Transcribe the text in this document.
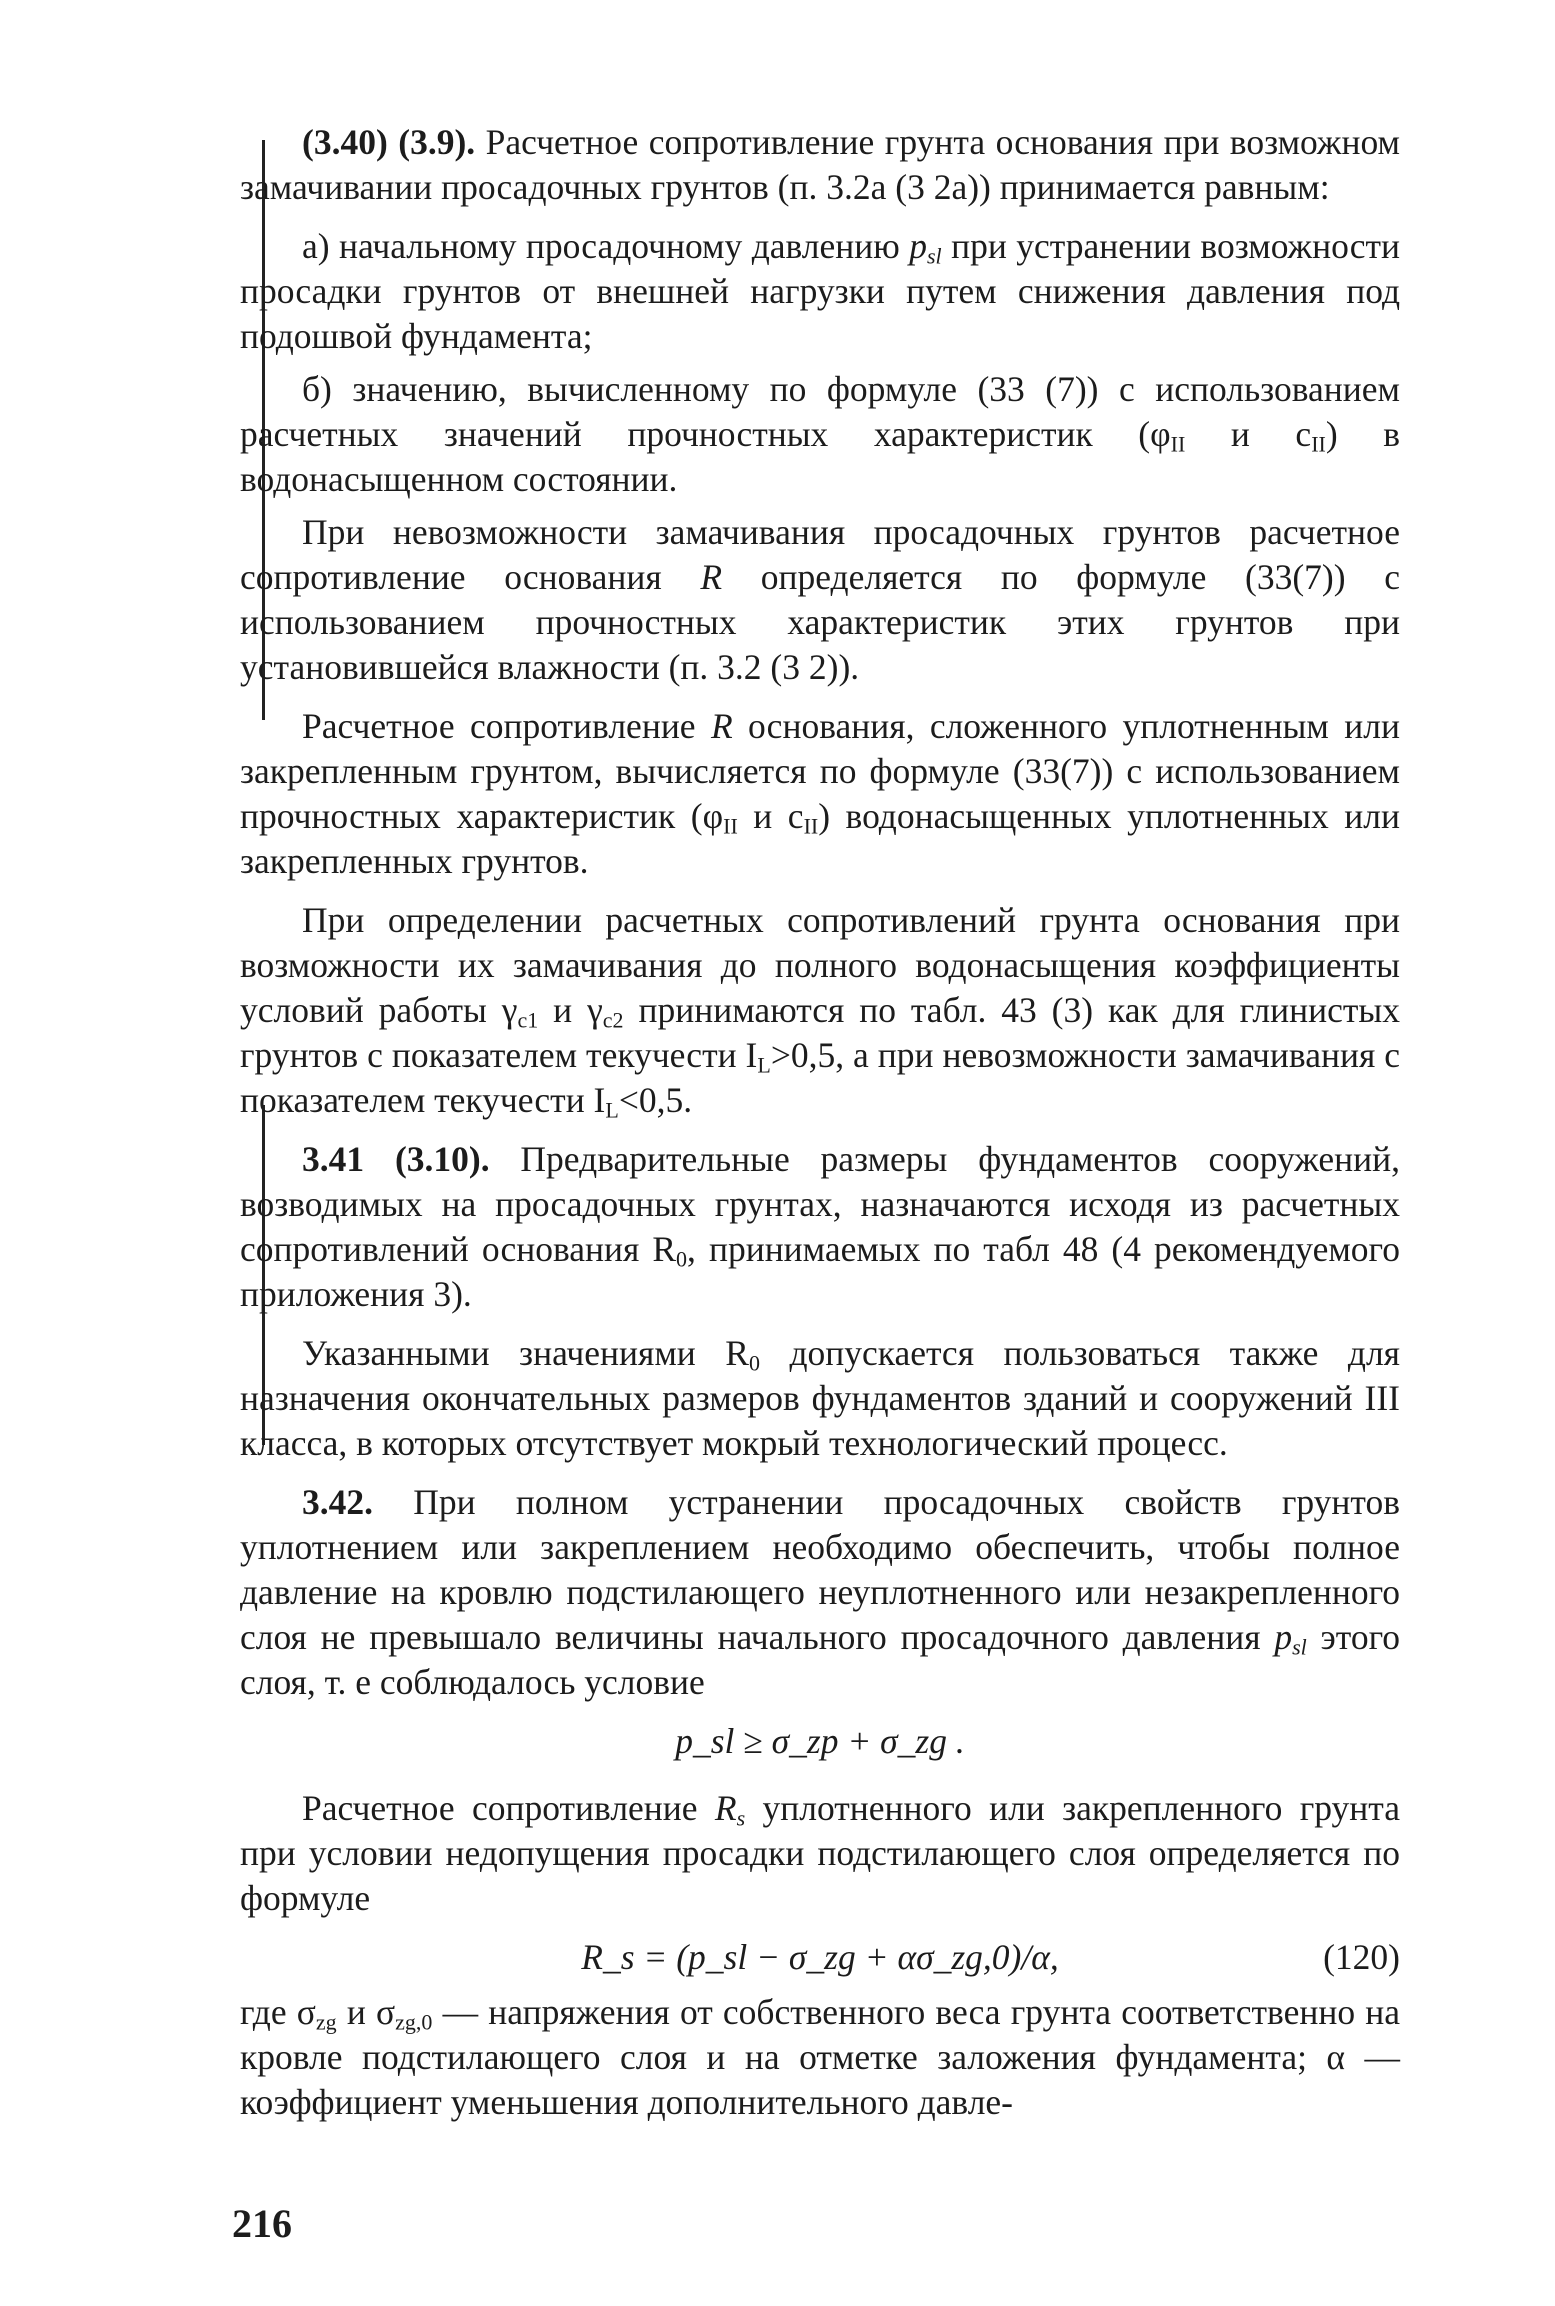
(3.40) (3.9). Расчетное сопротивление грунта основания при возможном замачивании просадочных грунтов (п. 3.2а (3 2а)) принимается равным:

а) начальному просадочному давлению $p_{sl}$ при устранении возможности просадки грунтов от внешней нагрузки путем снижения давления под подошвой фундамента;

б) значению, вычисленному по формуле (33 (7)) с использованием расчетных значений прочностных характеристик ($\varphi_{II}$ и $c_{II}$) в водонасыщенном состоянии.

При невозможности замачивания просадочных грунтов расчетное сопротивление основания R определяется по формуле (33(7)) с использованием прочностных характеристик этих грунтов при установившейся влажности (п. 3.2 (3 2)).

Расчетное сопротивление R основания, сложенного уплотненным или закрепленным грунтом, вычисляется по формуле (33(7)) с использованием прочностных характеристик ($\varphi_{II}$ и $c_{II}$) водонасыщенных уплотненных или закрепленных грунтов.

При определении расчетных сопротивлений грунта основания при возможности их замачивания до полного водонасыщения коэффициенты условий работы $\gamma_{c1}$ и $\gamma_{c2}$ принимаются по табл. 43 (3) как для глинистых грунтов с показателем текучести $I_L>0,5$, а при невозможности замачивания с показателем текучести $I_L<0,5$.

3.41 (3.10). Предварительные размеры фундаментов сооружений, возводимых на просадочных грунтах, назначаются исходя из расчетных сопротивлений основания $R_0$, принимаемых по табл 48 (4 рекомендуемого приложения 3).

Указанными значениями $R_0$ допускается пользоваться также для назначения окончательных размеров фундаментов зданий и сооружений III класса, в которых отсутствует мокрый технологический процесс.

3.42. При полном устранении просадочных свойств грунтов уплотнением или закреплением необходимо обеспечить, чтобы полное давление на кровлю подстилающего неуплотненного или незакрепленного слоя не превышало величины начального просадочного давления $p_{sl}$ этого слоя, т. е соблюдалось условие

p_sl ≥ σ_zp + σ_zg .

Расчетное сопротивление $R_s$ уплотненного или закрепленного грунта при условии недопущения просадки подстилающего слоя определяется по формуле

R_s = (p_sl − σ_zg + ασ_zg,0)/α,	(120)

где $\sigma_{zg}$ и $\sigma_{zg,0}$ — напряжения от собственного веса грунта соответственно на кровле подстилающего слоя и на отметке заложения фундамента; α — коэффициент уменьшения дополнительного давле-

216
